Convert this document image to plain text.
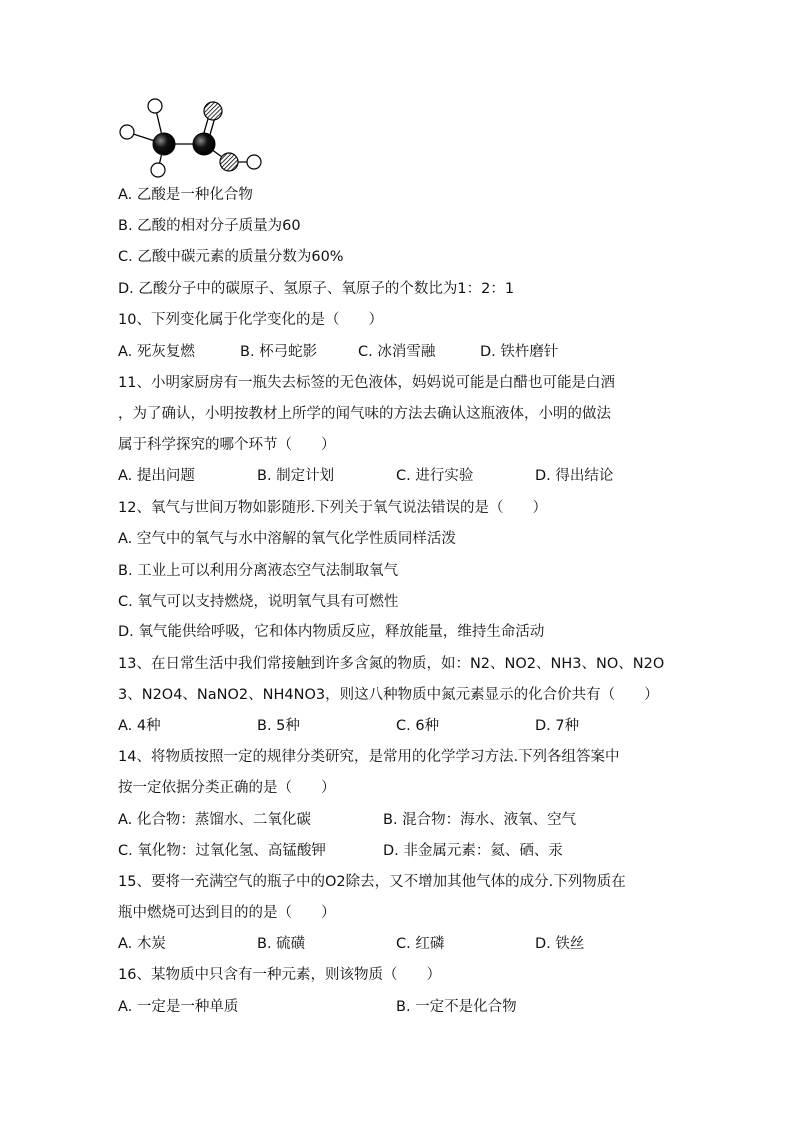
A. 乙酸是一种化合物
B. 乙酸的相对分子质量为60
C. 乙酸中碳元素的质量分数为60%
D. 乙酸分子中的碳原子、氢原子、氧原子的个数比为1：2：1
10、下列变化属于化学变化的是（　　）
A. 死灰复燃	B. 杯弓蛇影	C. 冰消雪融	D. 铁杵磨针
11、小明家厨房有一瓶失去标签的无色液体，妈妈说可能是白醋也可能是白酒
，为了确认，小明按教材上所学的闻气味的方法去确认这瓶液体，小明的做法
属于科学探究的哪个环节（　　）
A. 提出问题	B. 制定计划	C. 进行实验	D. 得出结论
12、氧气与世间万物如影随形.下列关于氧气说法错误的是（　　）
A. 空气中的氧气与水中溶解的氧气化学性质同样活泼
B. 工业上可以利用分离液态空气法制取氧气
C. 氧气可以支持燃烧，说明氧气具有可燃性
D. 氧气能供给呼吸，它和体内物质反应，释放能量，维持生命活动
13、在日常生活中我们常接触到许多含氮的物质，如：N2、NO2、NH3、NO、N2O
3、N2O4、NaNO2、NH4NO3，则这八种物质中氮元素显示的化合价共有（　　）
A. 4种	B. 5种	C. 6种	D. 7种
14、将物质按照一定的规律分类研究，是常用的化学学习方法.下列各组答案中
按一定依据分类正确的是（　　）
A. 化合物：蒸馏水、二氧化碳	B. 混合物：海水、液氧、空气
C. 氧化物：过氧化氢、高锰酸钾	D. 非金属元素：氦、硒、汞
15、要将一充满空气的瓶子中的O2除去，又不增加其他气体的成分.下列物质在
瓶中燃烧可达到目的的是（　　）
A. 木炭	B. 硫磺	C. 红磷	D. 铁丝
16、某物质中只含有一种元素，则该物质（　　）
A. 一定是一种单质	B. 一定不是化合物
